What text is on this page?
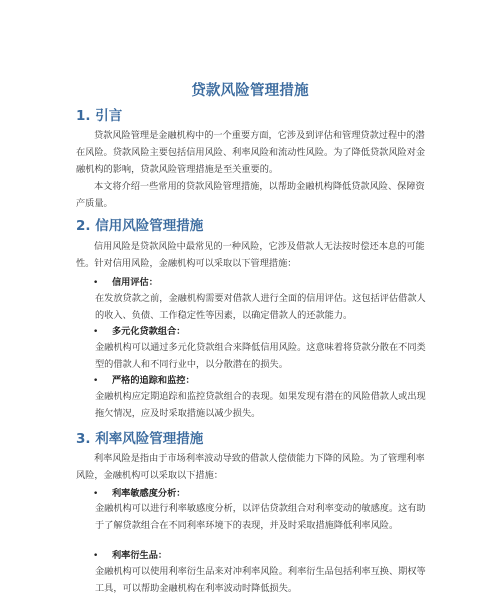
贷款风险管理措施
1. 引言
贷款风险管理是金融机构中的一个重要方面，它涉及到评估和管理贷款过程中的潜在风险。贷款风险主要包括信用风险、利率风险和流动性风险。为了降低贷款风险对金融机构的影响，贷款风险管理措施是至关重要的。
本文将介绍一些常用的贷款风险管理措施，以帮助金融机构降低贷款风险、保障资产质量。
2. 信用风险管理措施
信用风险是贷款风险中最常见的一种风险，它涉及借款人无法按时偿还本息的可能性。针对信用风险，金融机构可以采取以下管理措施：
• 信用评估：
在发放贷款之前，金融机构需要对借款人进行全面的信用评估。这包括评估借款人的收入、负债、工作稳定性等因素，以确定借款人的还款能力。
• 多元化贷款组合：
金融机构可以通过多元化贷款组合来降低信用风险。这意味着将贷款分散在不同类型的借款人和不同行业中，以分散潜在的损失。
• 严格的追踪和监控：
金融机构应定期追踪和监控贷款组合的表现。如果发现有潜在的风险借款人或出现拖欠情况，应及时采取措施以减少损失。
3. 利率风险管理措施
利率风险是指由于市场利率波动导致的借款人偿债能力下降的风险。为了管理利率风险，金融机构可以采取以下措施：
• 利率敏感度分析：
金融机构可以进行利率敏感度分析，以评估贷款组合对利率变动的敏感度。这有助于了解贷款组合在不同利率环境下的表现，并及时采取措施降低利率风险。
• 利率衍生品：
金融机构可以使用利率衍生品来对冲利率风险。利率衍生品包括利率互换、期权等工具，可以帮助金融机构在利率波动时降低损失。
